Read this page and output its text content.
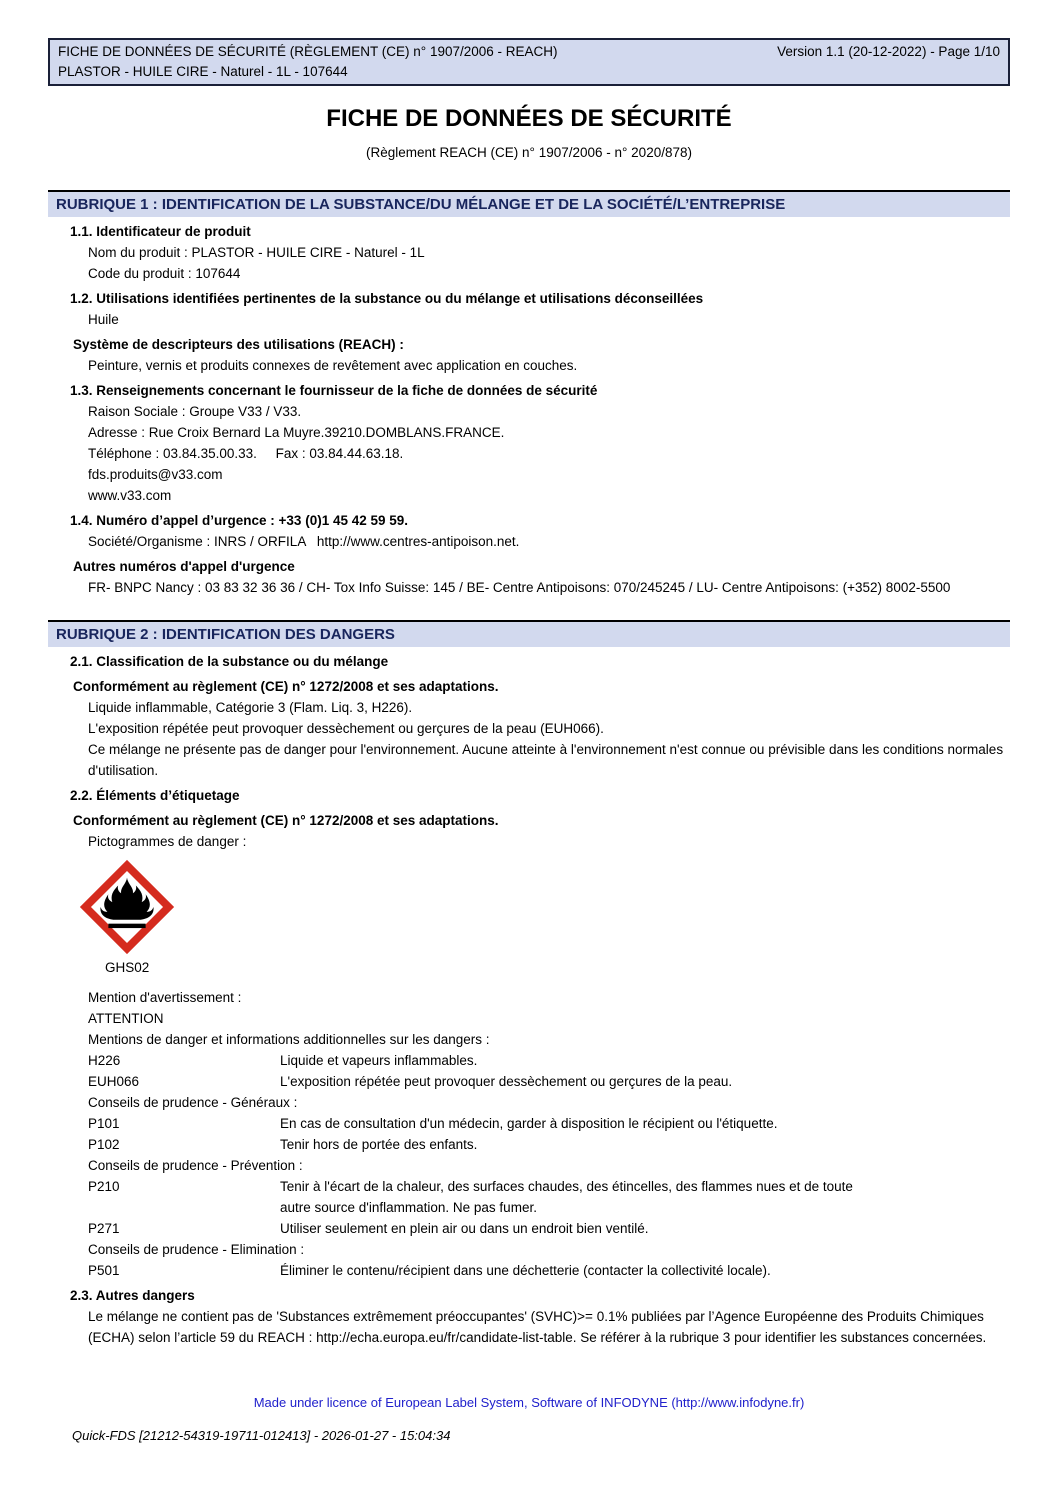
FICHE DE DONNÉES DE SÉCURITÉ (RÈGLEMENT (CE) n° 1907/2006 - REACH)	Version 1.1 (20-12-2022) - Page 1/10
PLASTOR - HUILE CIRE - Naturel - 1L - 107644
FICHE DE DONNÉES DE SÉCURITÉ
(Règlement REACH (CE) n° 1907/2006 - n° 2020/878)
RUBRIQUE 1 : IDENTIFICATION DE LA SUBSTANCE/DU MÉLANGE ET DE LA SOCIÉTÉ/L’ENTREPRISE
1.1. Identificateur de produit
Nom du produit : PLASTOR - HUILE CIRE - Naturel - 1L
Code du produit : 107644
1.2. Utilisations identifiées pertinentes de la substance ou du mélange et utilisations déconseillées
Huile
Système de descripteurs des utilisations (REACH) :
Peinture, vernis et produits connexes de revêtement avec application en couches.
1.3. Renseignements concernant le fournisseur de la fiche de données de sécurité
Raison Sociale : Groupe V33 / V33.
Adresse : Rue Croix Bernard La Muyre.39210.DOMBLANS.FRANCE.
Téléphone : 03.84.35.00.33.     Fax : 03.84.44.63.18.
fds.produits@v33.com
www.v33.com
1.4. Numéro d’appel d’urgence : +33 (0)1 45 42 59 59.
Société/Organisme : INRS / ORFILA   http://www.centres-antipoison.net.
Autres numéros d'appel d'urgence
FR- BNPC Nancy : 03 83 32 36 36 / CH- Tox Info Suisse: 145 / BE- Centre Antipoisons: 070/245245 / LU- Centre Antipoisons: (+352) 8002-5500
RUBRIQUE 2 : IDENTIFICATION DES DANGERS
2.1. Classification de la substance ou du mélange
Conformément au règlement (CE) n° 1272/2008 et ses adaptations.
Liquide inflammable, Catégorie 3 (Flam. Liq. 3, H226).
L'exposition répétée peut provoquer dessèchement ou gerçures de la peau (EUH066).
Ce mélange ne présente pas de danger pour l'environnement. Aucune atteinte à l'environnement n'est connue ou prévisible dans les conditions normales d'utilisation.
2.2. Éléments d’étiquetage
Conformément au règlement (CE) n° 1272/2008 et ses adaptations.
Pictogrammes de danger :
GHS02
Mention d'avertissement :
ATTENTION
Mentions de danger et informations additionnelles sur les dangers :
H226	Liquide et vapeurs inflammables.
EUH066	L'exposition répétée peut provoquer dessèchement ou gerçures de la peau.
Conseils de prudence - Généraux :
P101	En cas de consultation d'un médecin, garder à disposition le récipient ou l'étiquette.
P102	Tenir hors de portée des enfants.
Conseils de prudence - Prévention :
P210	Tenir à l'écart de la chaleur, des surfaces chaudes, des étincelles, des flammes nues et de toute autre source d'inflammation. Ne pas fumer.
P271	Utiliser seulement en plein air ou dans un endroit bien ventilé.
Conseils de prudence - Elimination :
P501	Éliminer le contenu/récipient dans une déchetterie (contacter la collectivité locale).
2.3. Autres dangers
Le mélange ne contient pas de 'Substances extrêmement préoccupantes' (SVHC)>= 0.1% publiées par l’Agence Européenne des Produits Chimiques (ECHA) selon l’article 59 du REACH : http://echa.europa.eu/fr/candidate-list-table. Se référer à la rubrique 3 pour identifier les substances concernées.
Made under licence of European Label System, Software of INFODYNE (http://www.infodyne.fr)
Quick-FDS [21212-54319-19711-012413] - 2026-01-27 - 15:04:34
